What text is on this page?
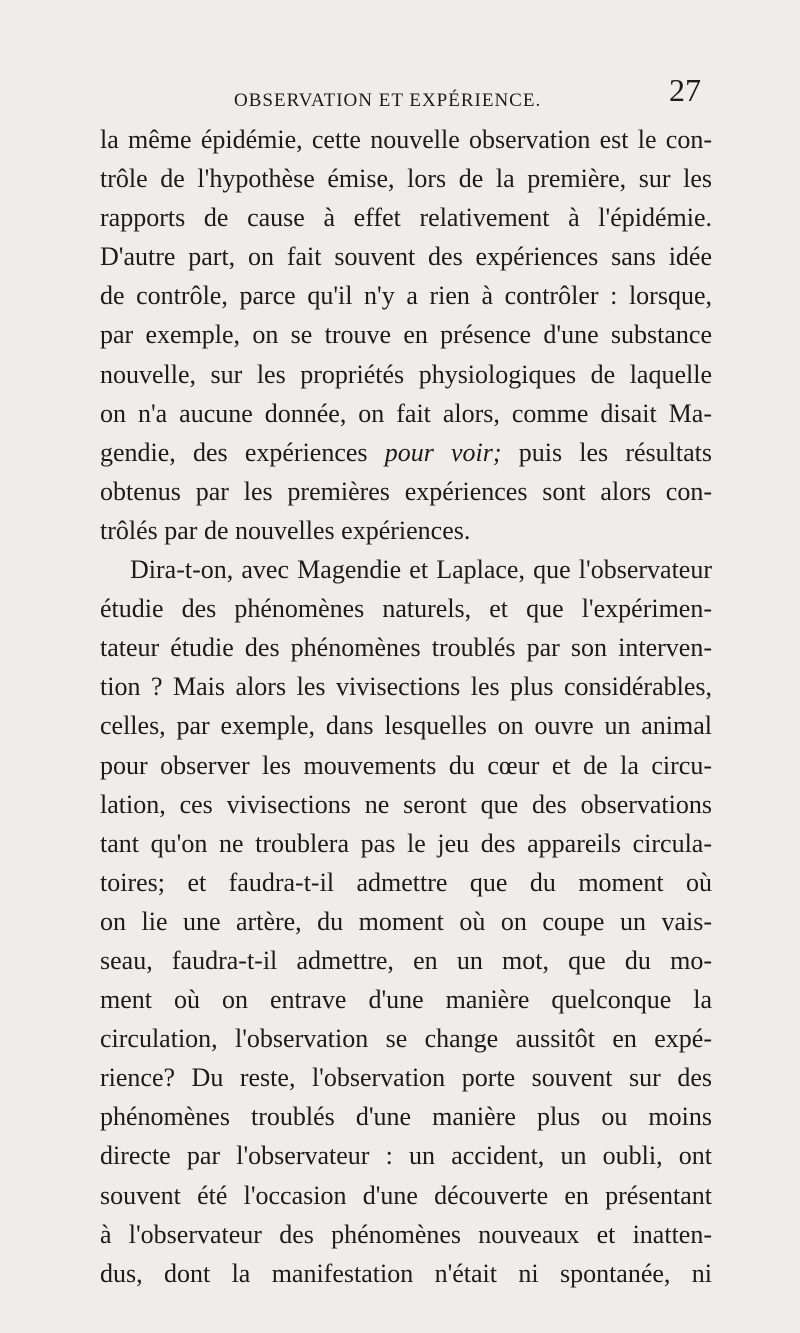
OBSERVATION ET EXPÉRIENCE.	27
la même épidémie, cette nouvelle observation est le con-
trôle de l'hypothèse émise, lors de la première, sur les
rapports de cause à effet relativement à l'épidémie.
D'autre part, on fait souvent des expériences sans idée
de contrôle, parce qu'il n'y a rien à contrôler : lorsque,
par exemple, on se trouve en présence d'une substance
nouvelle, sur les propriétés physiologiques de laquelle
on n'a aucune donnée, on fait alors, comme disait Ma-
gendie, des expériences pour voir; puis les résultats
obtenus par les premières expériences sont alors con-
trôlés par de nouvelles expériences.
Dira-t-on, avec Magendie et Laplace, que l'observateur
étudie des phénomènes naturels, et que l'expérimen-
tateur étudie des phénomènes troublés par son interven-
tion ? Mais alors les vivisections les plus considérables,
celles, par exemple, dans lesquelles on ouvre un animal
pour observer les mouvements du cœur et de la circu-
lation, ces vivisections ne seront que des observations
tant qu'on ne troublera pas le jeu des appareils circula-
toires; et faudra-t-il admettre que du moment où
on lie une artère, du moment où on coupe un vais-
seau, faudra-t-il admettre, en un mot, que du mo-
ment où on entrave d'une manière quelconque la
circulation, l'observation se change aussitôt en expé-
rience? Du reste, l'observation porte souvent sur des
phénomènes troublés d'une manière plus ou moins
directe par l'observateur : un accident, un oubli, ont
souvent été l'occasion d'une découverte en présentant
à l'observateur des phénomènes nouveaux et inatten-
dus, dont la manifestation n'était ni spontanée, ni
